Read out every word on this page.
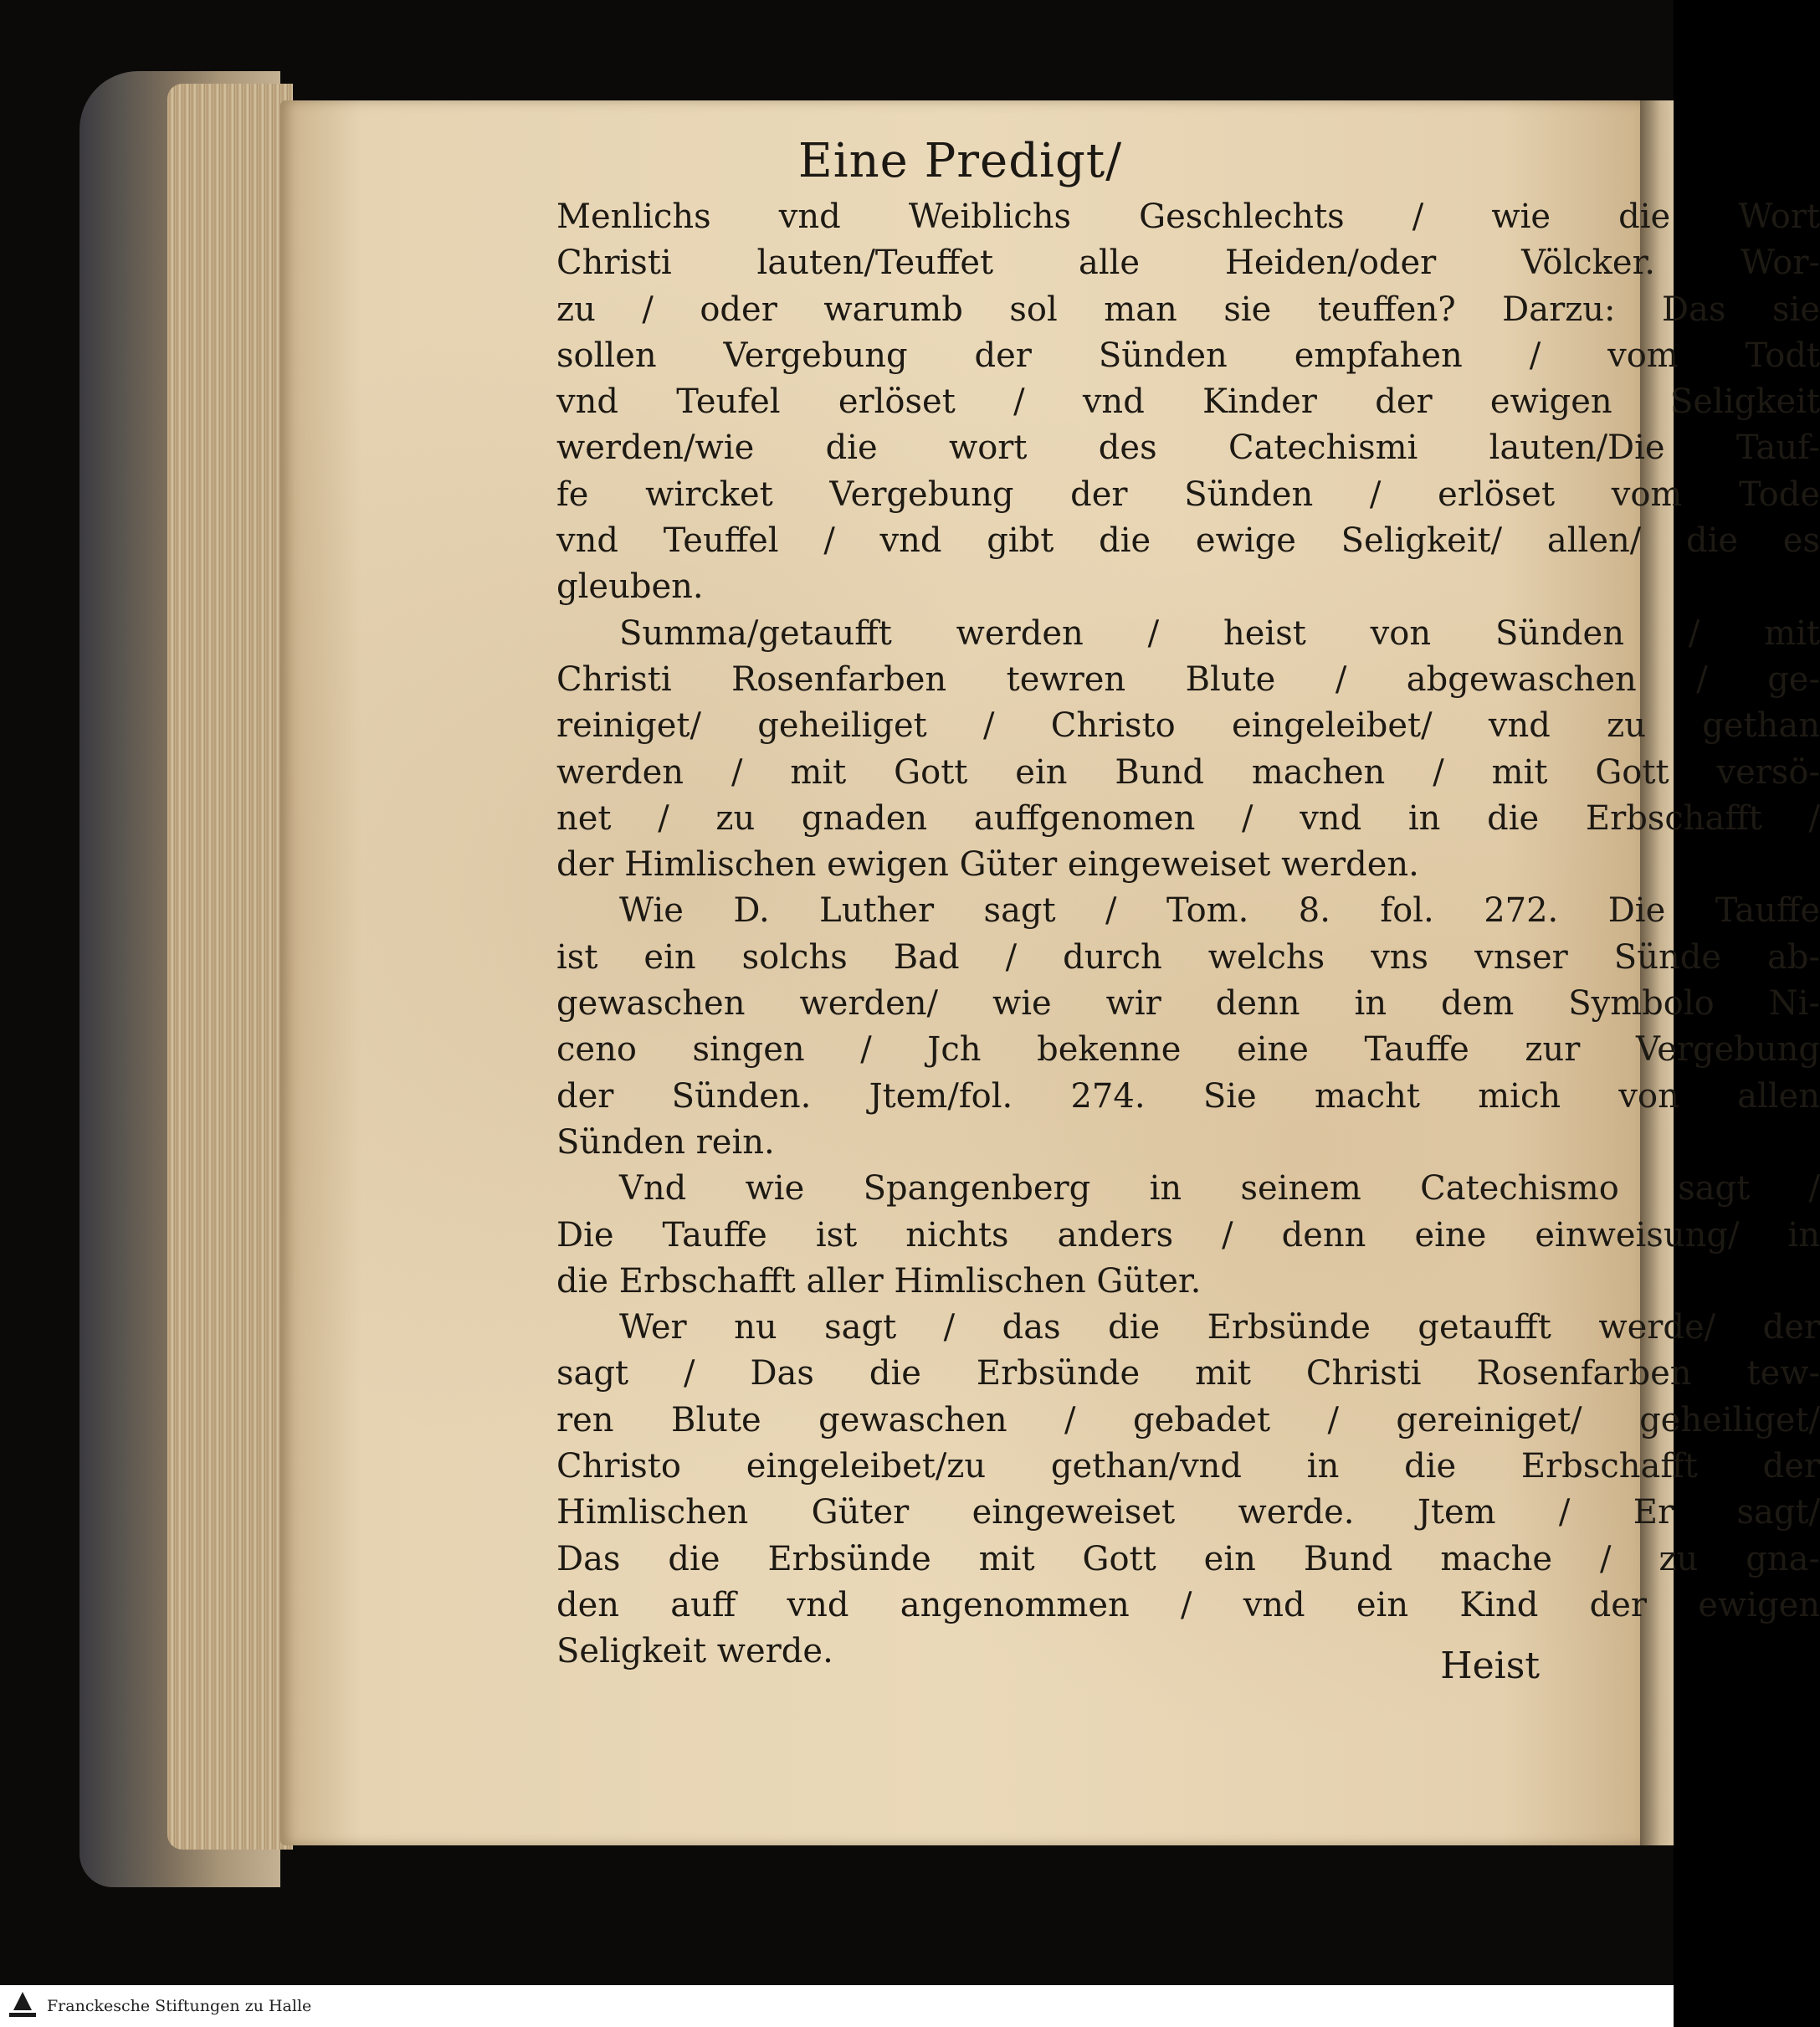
Eine Predigt/
Menlichs vnd Weiblichs Geschlechts / wie die Wort
Christi lauten/Teuffet alle Heiden/oder Völcker. Wor-
zu / oder warumb sol man sie teuffen? Darzu: Das sie
sollen Vergebung der Sünden empfahen / vom Todt
vnd Teufel erlöset / vnd Kinder der ewigen Seligkeit
werden/wie die wort des Catechismi lauten/Die Tauf-
fe wircket Vergebung der Sünden / erlöset vom Tode
vnd Teuffel / vnd gibt die ewige Seligkeit/ allen/ die es
gleuben.
Summa/getaufft werden / heist von Sünden / mit
Christi Rosenfarben tewren Blute / abgewaschen / ge-
reiniget/ geheiliget / Christo eingeleibet/ vnd zu gethan
werden / mit Gott ein Bund machen / mit Gott versö-
net / zu gnaden auffgenomen / vnd in die Erbschafft /
der Himlischen ewigen Güter eingeweiset werden.
Wie D. Luther sagt / Tom. 8. fol. 272. Die Tauffe
ist ein solchs Bad / durch welchs vns vnser Sünde ab-
gewaschen werden/ wie wir denn in dem Symbolo Ni-
ceno singen / Jch bekenne eine Tauffe zur Vergebung
der Sünden. Jtem/fol. 274. Sie macht mich von allen
Sünden rein.
Vnd wie Spangenberg in seinem Catechismo sagt /
Die Tauffe ist nichts anders / denn eine einweisung/ in
die Erbschafft aller Himlischen Güter.
Wer nu sagt / das die Erbsünde getaufft werde/ der
sagt / Das die Erbsünde mit Christi Rosenfarben tew-
ren Blute gewaschen / gebadet / gereiniget/ geheiliget/
Christo eingeleibet/zu gethan/vnd in die Erbschafft der
Himlischen Güter eingeweiset werde. Jtem / Er sagt/
Das die Erbsünde mit Gott ein Bund mache / zu gna-
den auff vnd angenommen / vnd ein Kind der ewigen
Seligkeit werde.	Heist
Franckesche Stiftungen zu Halle
